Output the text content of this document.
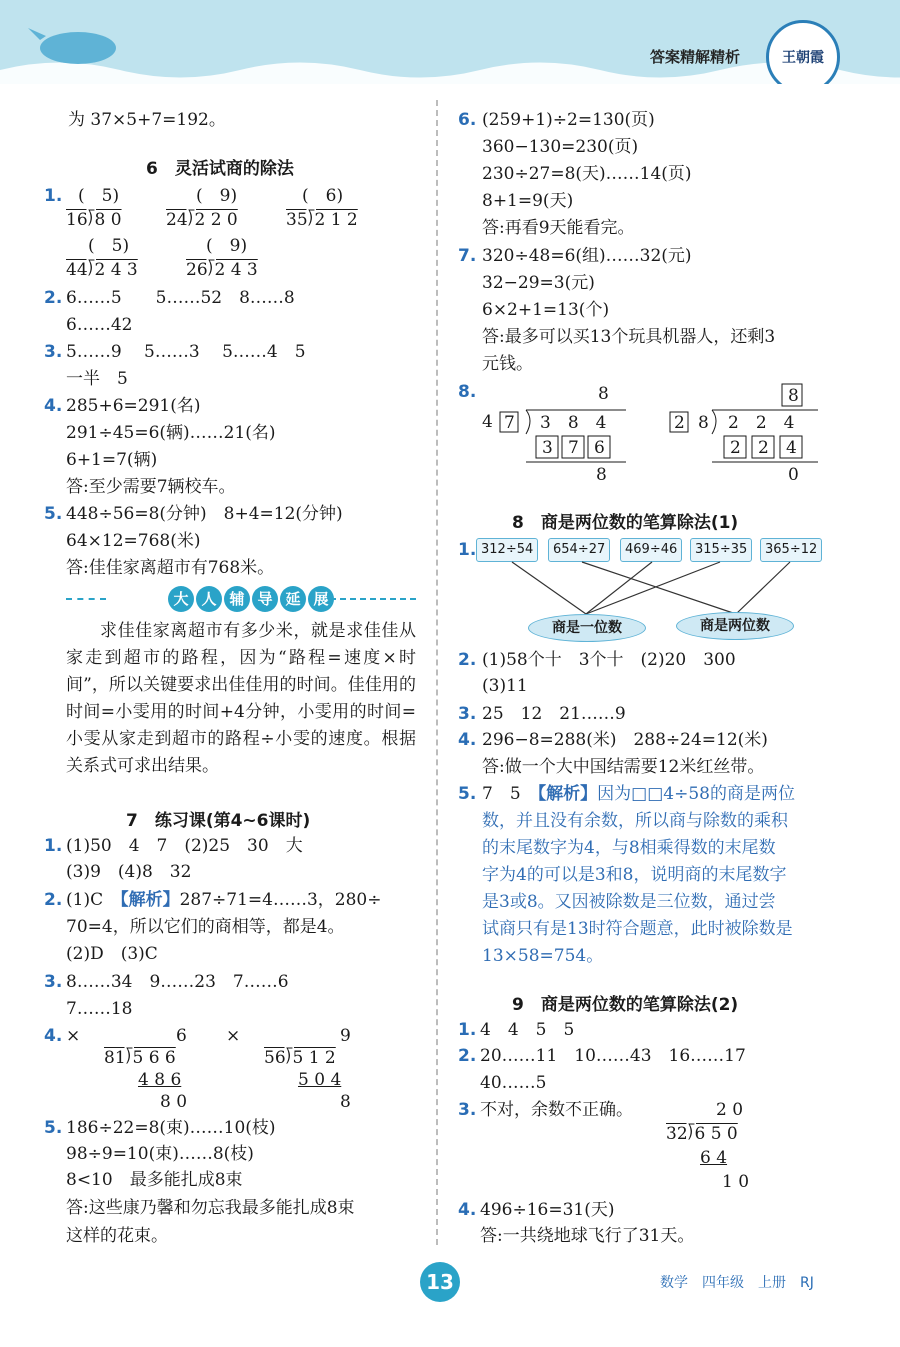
答案精解精析	王朝霞
为 37×5+7=192。
6　灵活试商的除法
1. (　5)
16⟌8 0
(　9)
24⟌2 2 0
(　6)
35⟌2 1 2
(　5)
44⟌2 4 3
(　9)
26⟌2 4 3
2. 6……5　　5……52　8……8
6……42
3. 5……9　 5……3　 5……4　5
一半　5
4. 285+6=291(名)
291÷45=6(辆)……21(名)
6+1=7(辆)
答:至少需要7辆校车。
5. 448÷56=8(分钟)　8+4=12(分钟)
64×12=768(米)
答:佳佳家离超市有768米。
大 人 辅 导 延 展
求佳佳家离超市有多少米，就是求佳佳从家走到超市的路程，因为“路程=速度×时间”，所以关键要求出佳佳用的时间。佳佳用的时间=小雯用的时间+4分钟，小雯用的时间=小雯从家走到超市的路程÷小雯的速度。根据关系式可求出结果。
7　练习课(第4~6课时)
1. (1)50　4　7　(2)25　30　大
(3)9　(4)8　32
2. (1)C　【解析】287÷71=4……3，280÷
70=4，所以它们的商相等，都是4。
(2)D　(3)C
3. 8……34　9……23　7……6
7……18
4. ×	6
81⟌5 6 6
4 8 6
8 0
×	9
56⟌5 1 2
5 0 4
8
5. 186÷22=8(束)……10(枝)
98÷9=10(束)……8(枝)
8<10　最多能扎成8束
答:这些康乃馨和勿忘我最多能扎成8束
这样的花束。
6. (259+1)÷2=130(页)
360−130=230(页)
230÷27=8(天)……14(页)
8+1=9(天)
答:再看9天能看完。
7. 320÷48=6(组)……32(元)
32−29=3(元)
6×2+1=13(个)
答:最多可以买13个玩具机器人，还剩3
元钱。
8.	8
4 7 3　8　4
3 7 6
8
8
2 8 2　2　4
2 2 4
0
8　商是两位数的笔算除法(1)
1. 312÷54	654÷27	469÷46	315÷35	365÷12
商是一位数	商是两位数
2. (1)58个十　3个十　(2)20　300
(3)11
3. 25　12　21……9
4. 296−8=288(米)　288÷24=12(米)
答:做一个大中国结需要12米红丝带。
5. 7　5　【解析】因为□□4÷58的商是两位
数，并且没有余数，所以商与除数的乘积
的末尾数字为4，与8相乘得数的末尾数
字为4的可以是3和8，说明商的末尾数字
是3或8。又因被除数是三位数，通过尝
试商只有是13时符合题意，此时被除数是
13×58=754。
9　商是两位数的笔算除法(2)
1. 4　4　5　5
2. 20……11　10……43　16……17
40……5
3. 不对，余数不正确。	2 0
32⟌6 5 0
6 4
1 0
4. 496÷16=31(天)
答:一共绕地球飞行了31天。
13	数学　四年级　上册　RJ
